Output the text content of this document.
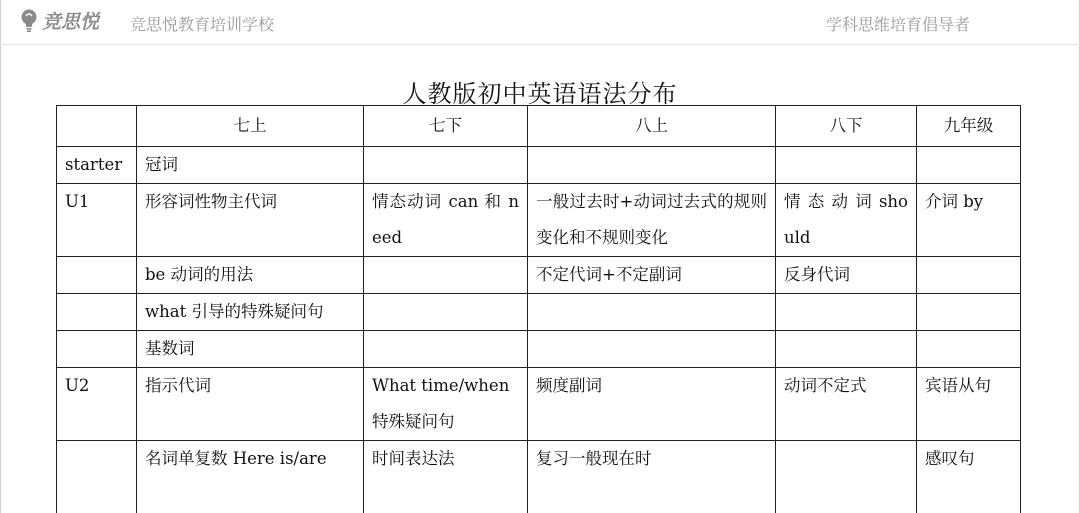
竞思悦 竞思悦教育培训学校	学科思维培育倡导者
人教版初中英语语法分布
	七上	七下	八上	八下	九年级
starter	冠词				
U1	形容词性物主代词	情态动词 can 和 need	一般过去时+动词过去式的规则变化和不规则变化	情 态 动 词 should	介词 by
	be 动词的用法		不定代词+不定副词	反身代词	
	what 引导的特殊疑问句				
	基数词				
U2	指示代词	What time/when 特殊疑问句	频度副词	动词不定式	宾语从句
	名词单复数 Here is/are	时间表达法	复习一般现在时		感叹句
